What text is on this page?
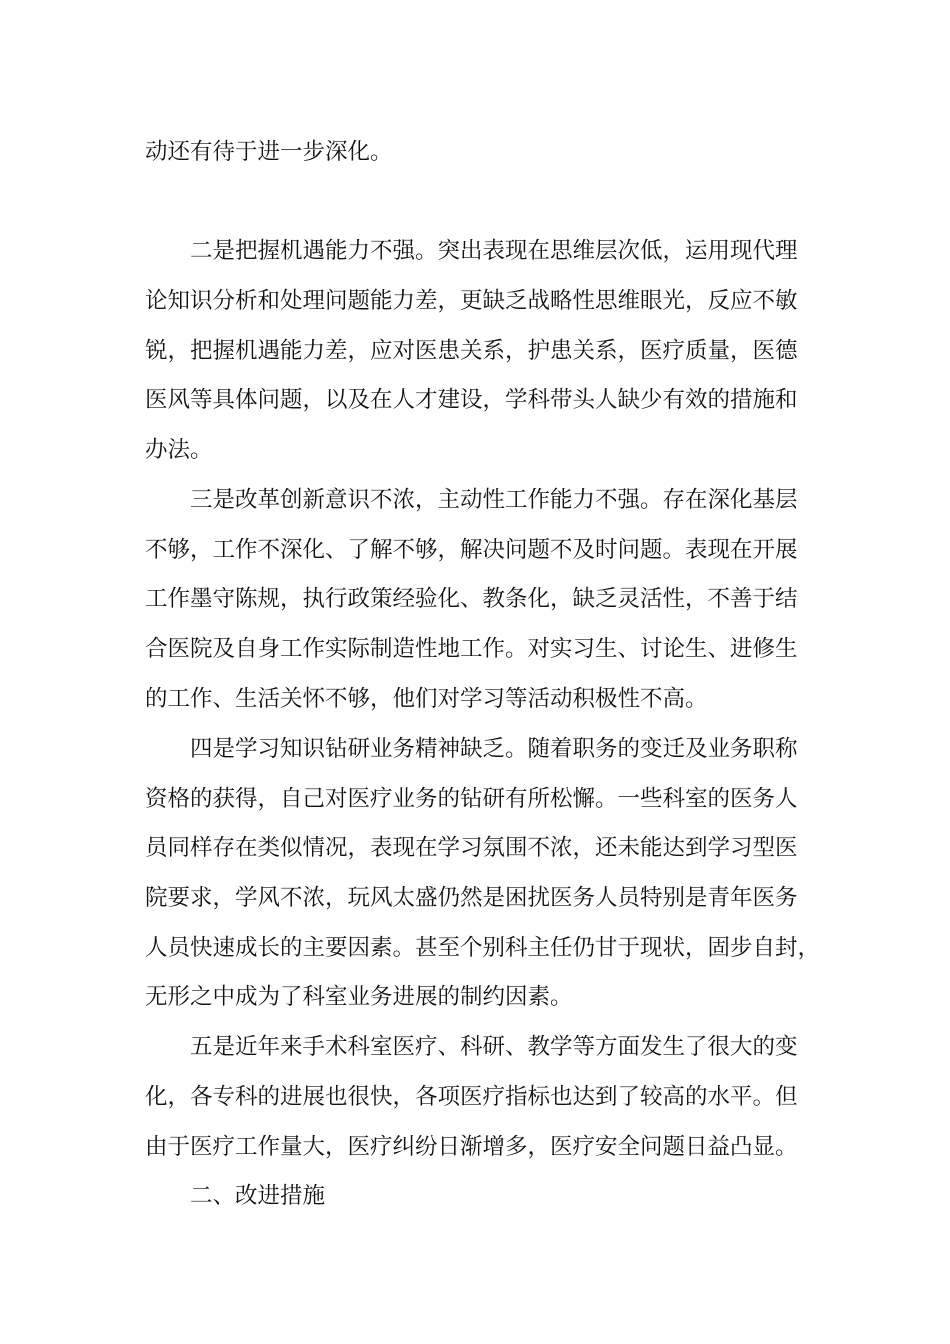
动还有待于进一步深化。

二是把握机遇能力不强。突出表现在思维层次低，运用现代理

论知识分析和处理问题能力差，更缺乏战略性思维眼光，反应不敏

锐，把握机遇能力差，应对医患关系，护患关系，医疗质量，医德

医风等具体问题，以及在人才建设，学科带头人缺少有效的措施和

办法。

三是改革创新意识不浓，主动性工作能力不强。存在深化基层

不够，工作不深化、了解不够，解决问题不及时问题。表现在开展

工作墨守陈规，执行政策经验化、教条化，缺乏灵活性，不善于结

合医院及自身工作实际制造性地工作。对实习生、讨论生、进修生

的工作、生活关怀不够，他们对学习等活动积极性不高。

四是学习知识钻研业务精神缺乏。随着职务的变迁及业务职称

资格的获得，自己对医疗业务的钻研有所松懈。一些科室的医务人

员同样存在类似情况，表现在学习氛围不浓，还未能达到学习型医

院要求，学风不浓，玩风太盛仍然是困扰医务人员特别是青年医务

人员快速成长的主要因素。甚至个别科主任仍甘于现状，固步自封，

无形之中成为了科室业务进展的制约因素。

五是近年来手术科室医疗、科研、教学等方面发生了很大的变

化，各专科的进展也很快，各项医疗指标也达到了较高的水平。但

由于医疗工作量大，医疗纠纷日渐增多，医疗安全问题日益凸显。

二、改进措施
